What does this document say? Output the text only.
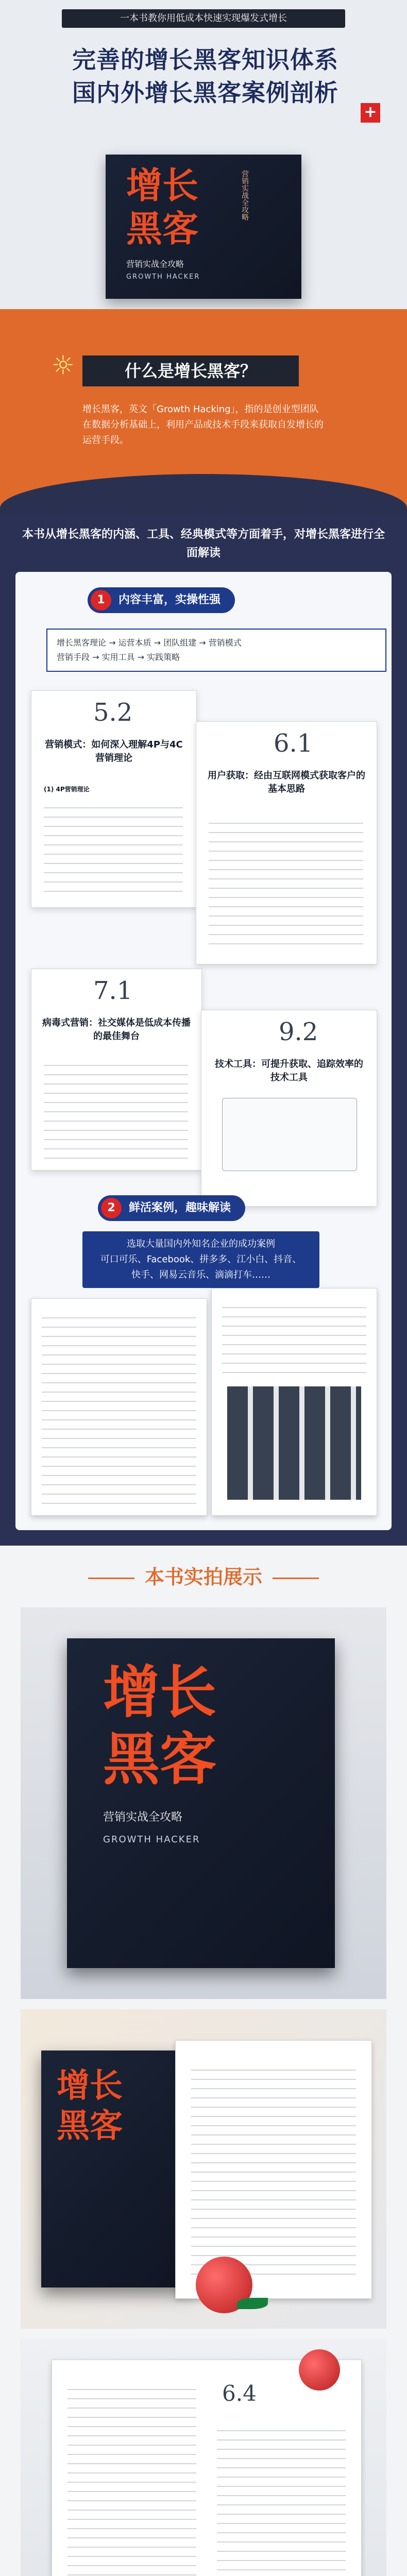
一本书教你用低成本快速实现爆发式增长
完善的增长黑客知识体系
国内外增长黑客案例剖析
+
增长黑客
营销实战全攻略
营销实战全攻略
GROWTH HACKER
☼	什么是增长黑客？
增长黑客，英文「Growth Hacking」，指的是创业型团队在数据分析基础上，利用产品或技术手段来获取自发增长的运营手段。
本书从增长黑客的内涵、工具、经典模式等方面着手，对增长黑客进行全面解读
1	内容丰富，实操性强
增长黑客理论 → 运营本质 → 团队组建 → 营销模式
营销手段 → 实用工具 → 实践策略
5.2
营销模式：如何深入理解4P与4C营销理论
(1) 4P营销理论
6.1
用户获取：经由互联网模式获取客户的基本思路
7.1
病毒式营销：社交媒体是低成本传播的最佳舞台	9.2
技术工具：可提升获取、追踪效率的技术工具
2	鲜活案例，趣味解读
选取大量国内外知名企业的成功案例
可口可乐、Facebook、拼多多、江小白、抖音、
快手、网易云音乐、滴滴打车……
本书实拍展示
增长黑客
营销实战全攻略
GROWTH HACKER
增长黑客
6.4
